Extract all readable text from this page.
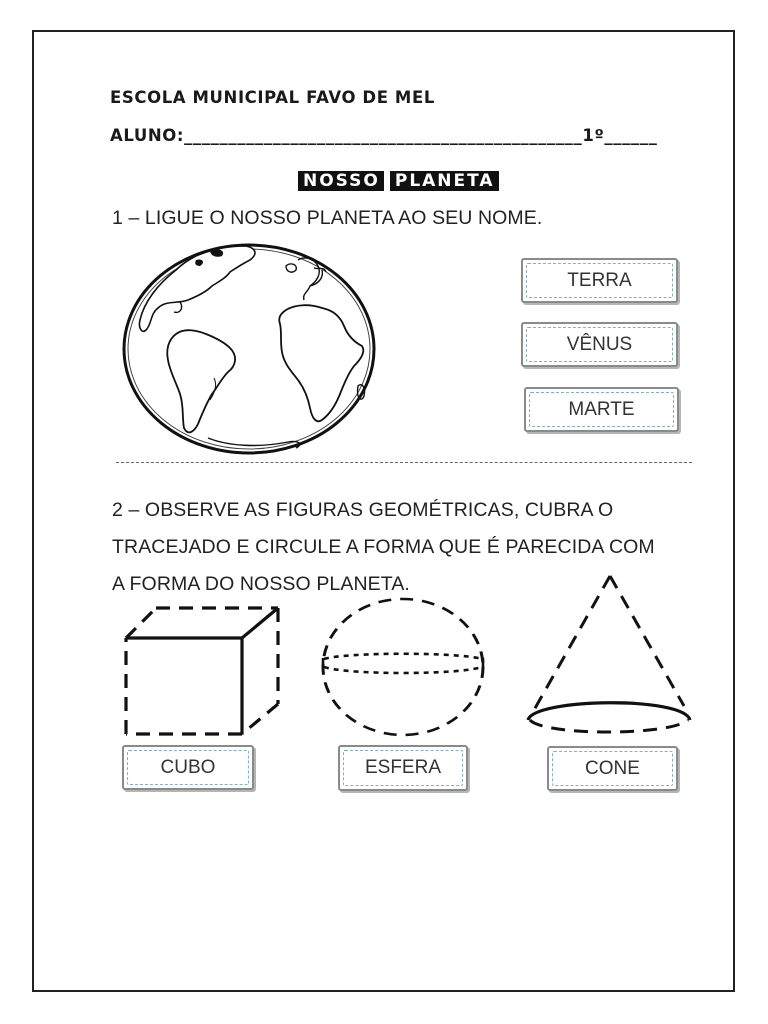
ESCOLA MUNICIPAL FAVO DE MEL
ALUNO:_____________________________________________1º______
NOSSO PLANETA
1 – LIGUE O NOSSO PLANETA AO SEU NOME.
TERRA
VÊNUS
MARTE
2 – OBSERVE AS FIGURAS GEOMÉTRICAS, CUBRA O
TRACEJADO E CIRCULE A FORMA QUE É PARECIDA COM
A FORMA DO NOSSO PLANETA.
CUBO	ESFERA	CONE
